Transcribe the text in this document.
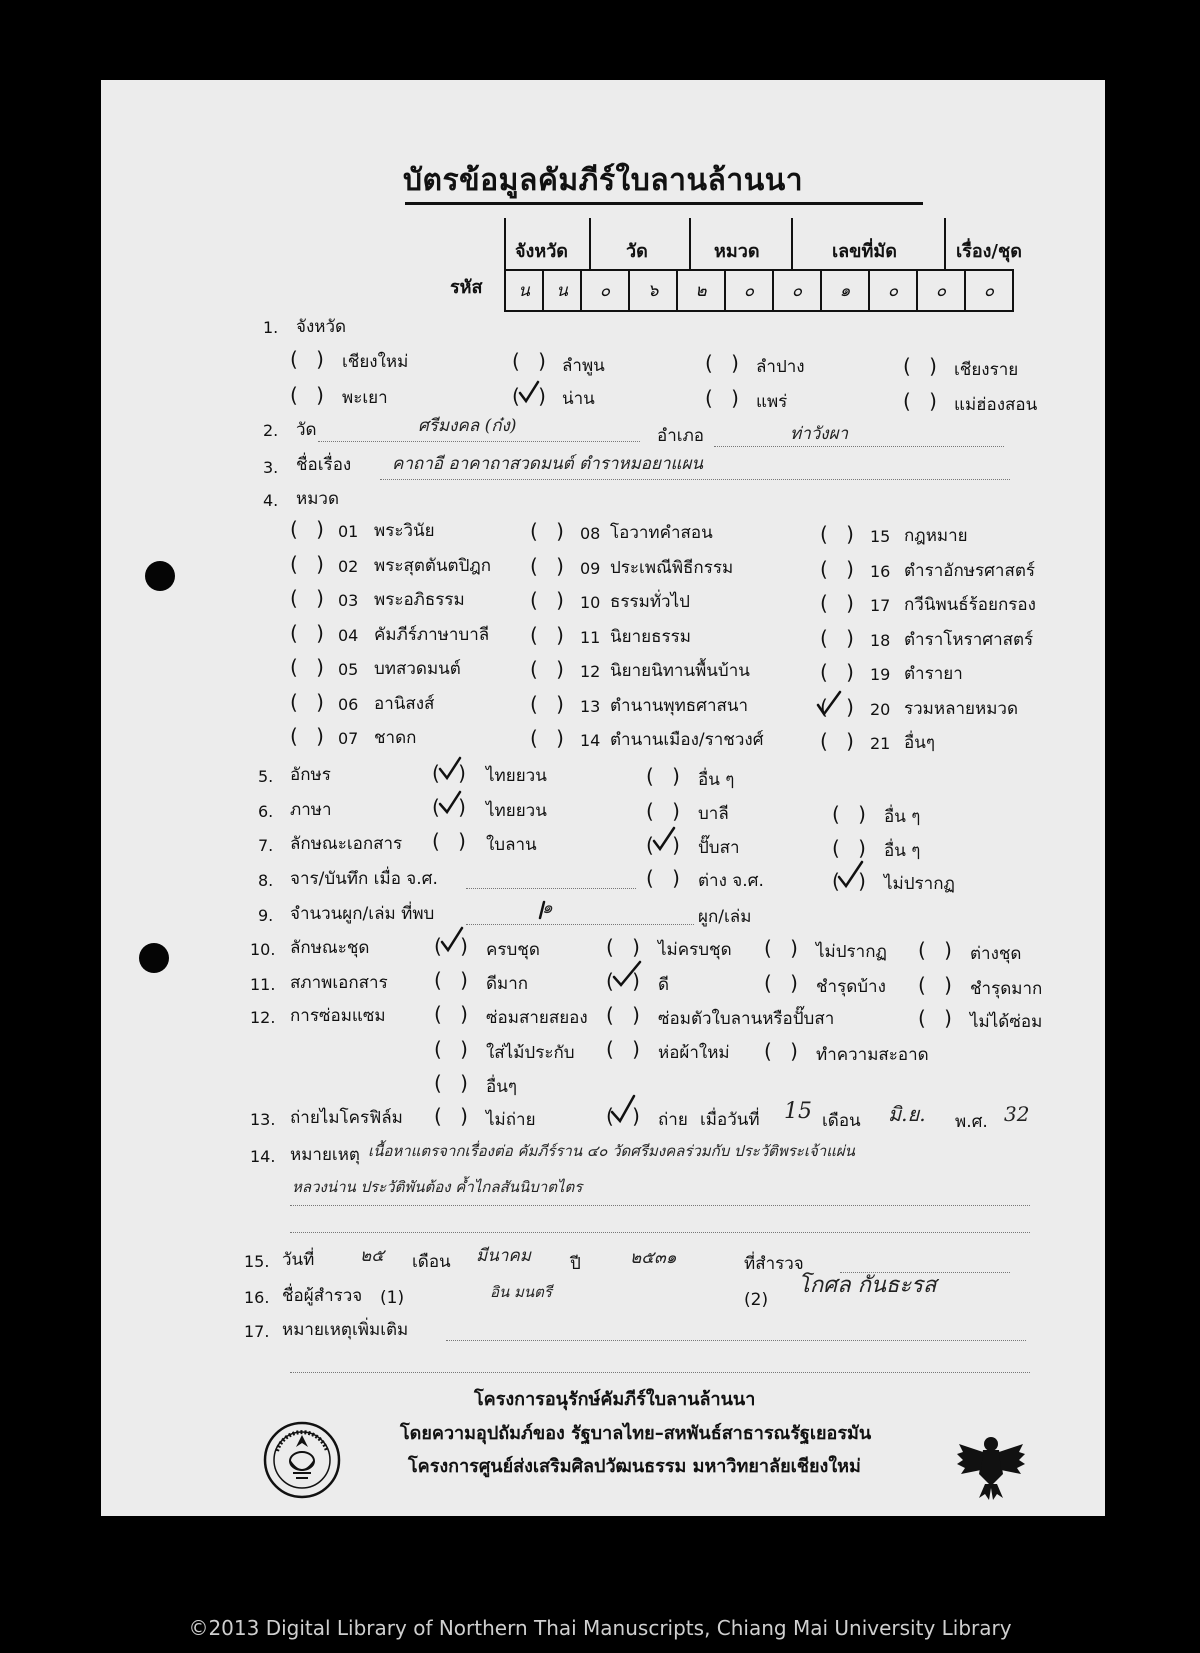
บัตรข้อมูลคัมภีร์ใบลานล้านนา
จังหวัด	วัด	หมวด	เลขที่มัด	เรื่อง/ชุด
รหัส น	น	๐	๖	๒	๐	๐	๑	๐	๐	๐
1. จังหวัด
( ) เชียงใหม่	( ) ลำพูน	( ) ลำปาง	( ) เชียงราย
( ) พะเยา	( ) น่าน	( ) แพร่	( ) แม่ฮ่องสอน
2. วัด	ศรีมงคล (ก๋ง)	อำเภอ	ท่าวังผา
3. ชื่อเรื่อง คาถาอี อาคาถาสวดมนต์ ตำราหมอยาแผน
4. หมวด
( ) 01 พระวินัย
( ) 02 พระสุตตันตปิฎก
( ) 03 พระอภิธรรม
( ) 04 คัมภีร์ภาษาบาลี
( ) 05 บทสวดมนต์
( ) 06 อานิสงส์
( ) 07 ชาดก
( ) 08 โอวาทคำสอน
( ) 09 ประเพณีพิธีกรรม
( ) 10 ธรรมทั่วไป
( ) 11 นิยายธรรม
( ) 12 นิยายนิทานพื้นบ้าน
( ) 13 ตำนานพุทธศาสนา
( ) 14 ตำนานเมือง/ราชวงศ์
( ) 15 กฎหมาย
( ) 16 ตำราอักษรศาสตร์
( ) 17 กวีนิพนธ์ร้อยกรอง
( ) 18 ตำราโหราศาสตร์
( ) 19 ตำรายา
( ) 20 รวมหลายหมวด
( ) 21 อื่นๆ
5. อักษร	( ) ไทยยวน	( ) อื่น ๆ
6. ภาษา	( ) ไทยยวน	( ) บาลี	( ) อื่น ๆ
7. ลักษณะเอกสาร ( ) ใบลาน	( ) ปั๊บสา	( ) อื่น ๆ
8. จาร/บันทึก เมื่อ จ.ศ.	( ) ต่าง จ.ศ.	( ) ไม่ปรากฏ
9. จำนวนผูก/เล่ม ที่พบ	๑	ผูก/เล่ม
10. ลักษณะชุด	( ) ครบชุด	( ) ไม่ครบชุด ( ) ไม่ปรากฏ ( ) ต่างชุด
11. สภาพเอกสาร ( ) ดีมาก	( ) ดี	( ) ชำรุดบ้าง ( ) ชำรุดมาก
12. การซ่อมแซม ( ) ซ่อมสายสยอง ( ) ซ่อมตัวใบลานหรือปั๊บสา	( ) ไม่ได้ซ่อม
( ) ใส่ไม้ประกับ ( ) ห่อผ้าใหม่ ( ) ทำความสะอาด
( ) อื่นๆ
13. ถ่ายไมโครฟิล์ม ( ) ไม่ถ่าย	( ) ถ่าย เมื่อวันที่ 15 เดือน มิ.ย. พ.ศ. 32
14. หมายเหตุ เนื้อหาแตรจากเรื่องต่อ คัมภีร์ราน ๔๐ วัดศรีมงคลร่วมกับ ประวัติพระเจ้าแผ่น
หลวงน่าน ประวัติพันต้อง ค้ำไกลสันนิบาตไตร
15. วันที่	๒๕ เดือน มีนาคม ปี	๒๕๓๑	ที่สำรวจ
16. ชื่อผู้สำรวจ (1)	อิน มนตรี	(2)
โกศล กันธะรส
17. หมายเหตุเพิ่มเติม
โครงการอนุรักษ์คัมภีร์ใบลานล้านนา
โดยความอุปถัมภ์ของ รัฐบาลไทย–สหพันธ์สาธารณรัฐเยอรมัน
โครงการศูนย์ส่งเสริมศิลปวัฒนธรรม มหาวิทยาลัยเชียงใหม่
©2013 Digital Library of Northern Thai Manuscripts, Chiang Mai University Library
